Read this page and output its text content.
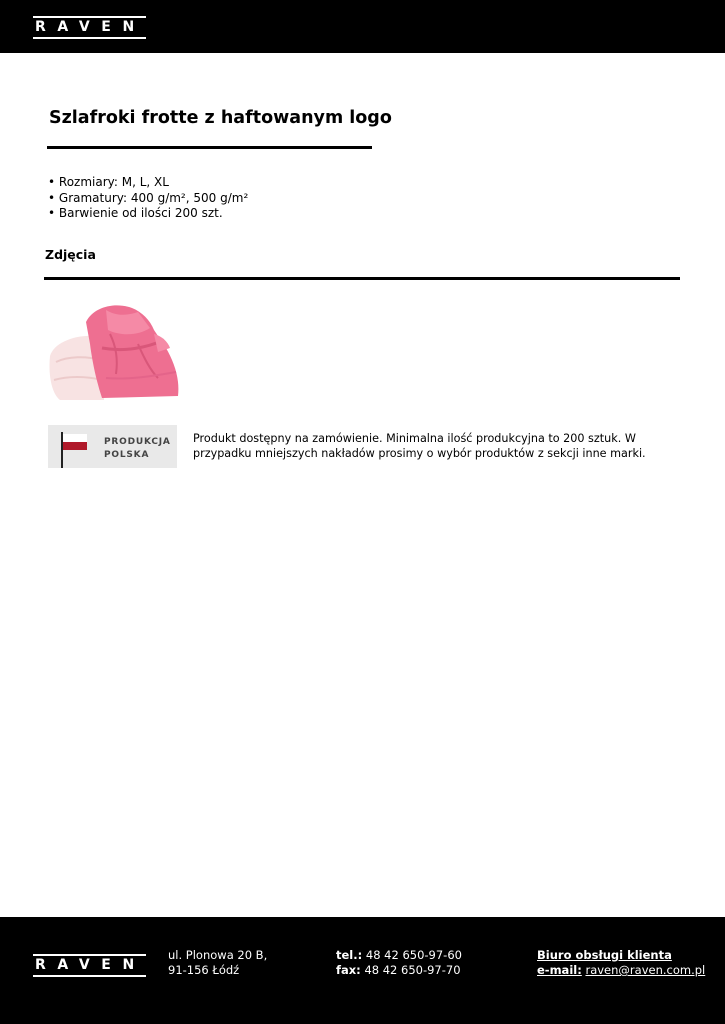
RAVEN
Szlafroki frotte z haftowanym logo
• Rozmiary: M, L, XL
• Gramatury: 400 g/m², 500 g/m²
• Barwienie od ilości 200 szt.
Zdjęcia
PRODUKCJA
POLSKA

Produkt dostępny na zamówienie. Minimalna ilość produkcyjna to 200 sztuk. W przypadku mniejszych nakładów prosimy o wybór produktów z sekcji inne marki.

RAVEN
ul. Plonowa 20 B,
91-156 Łódź
tel.: 48 42 650-97-60
fax: 48 42 650-97-70
Biuro obsługi klienta
e-mail: raven@raven.com.pl
